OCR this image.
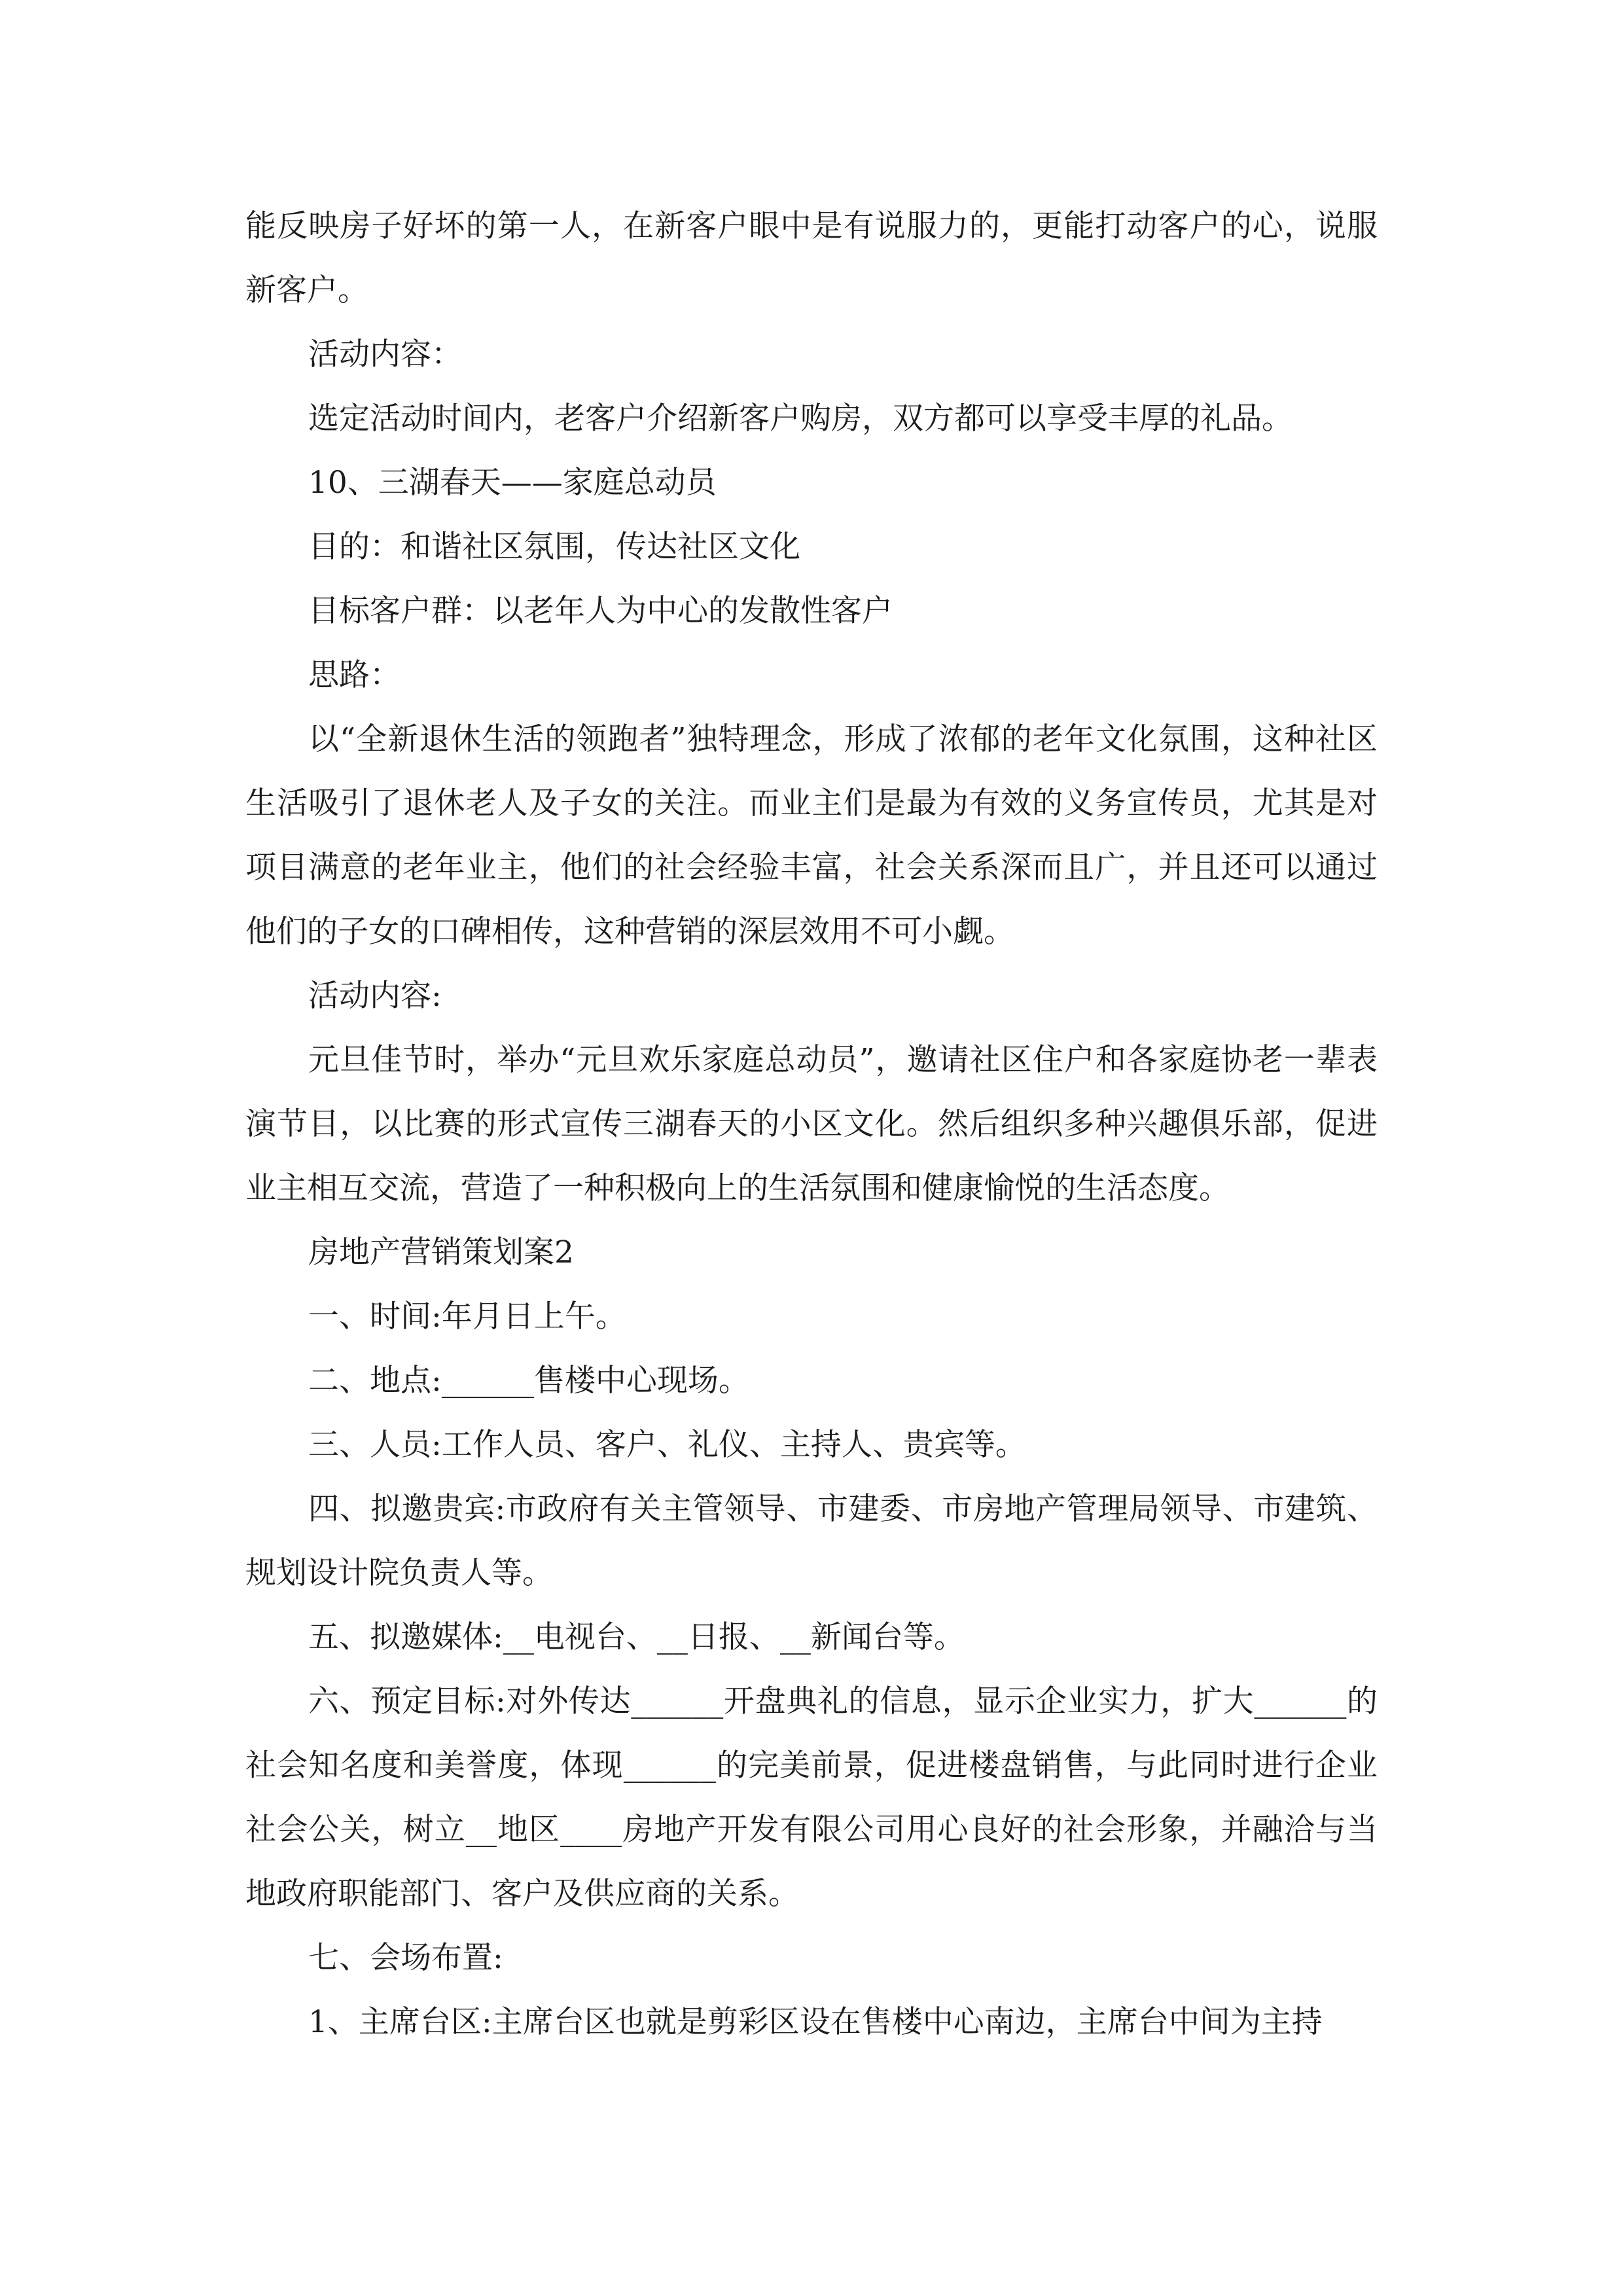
能反映房子好坏的第一人，在新客户眼中是有说服力的，更能打动客户的心，说服新客户。

活动内容：

选定活动时间内，老客户介绍新客户购房，双方都可以享受丰厚的礼品。

10、三湖春天——家庭总动员

目的：和谐社区氛围，传达社区文化

目标客户群：以老年人为中心的发散性客户

思路：

以“全新退休生活的领跑者”独特理念，形成了浓郁的老年文化氛围，这种社区生活吸引了退休老人及子女的关注。而业主们是最为有效的义务宣传员，尤其是对项目满意的老年业主，他们的社会经验丰富，社会关系深而且广，并且还可以通过他们的子女的口碑相传，这种营销的深层效用不可小觑。

活动内容:

元旦佳节时，举办“元旦欢乐家庭总动员”，邀请社区住户和各家庭协老一辈表演节目，以比赛的形式宣传三湖春天的小区文化。然后组织多种兴趣俱乐部，促进业主相互交流，营造了一种积极向上的生活氛围和健康愉悦的生活态度。

房地产营销策划案2

一、时间:年月日上午。

二、地点:______售楼中心现场。

三、人员:工作人员、客户、礼仪、主持人、贵宾等。

四、拟邀贵宾:市政府有关主管领导、市建委、市房地产管理局领导、市建筑、规划设计院负责人等。

五、拟邀媒体:__电视台、__日报、__新闻台等。

六、预定目标:对外传达______开盘典礼的信息，显示企业实力，扩大______的社会知名度和美誉度，体现______的完美前景，促进楼盘销售，与此同时进行企业社会公关，树立__地区____房地产开发有限公司用心良好的社会形象，并融洽与当地政府职能部门、客户及供应商的关系。

七、会场布置:

1、主席台区:主席台区也就是剪彩区设在售楼中心南边，主席台中间为主持
